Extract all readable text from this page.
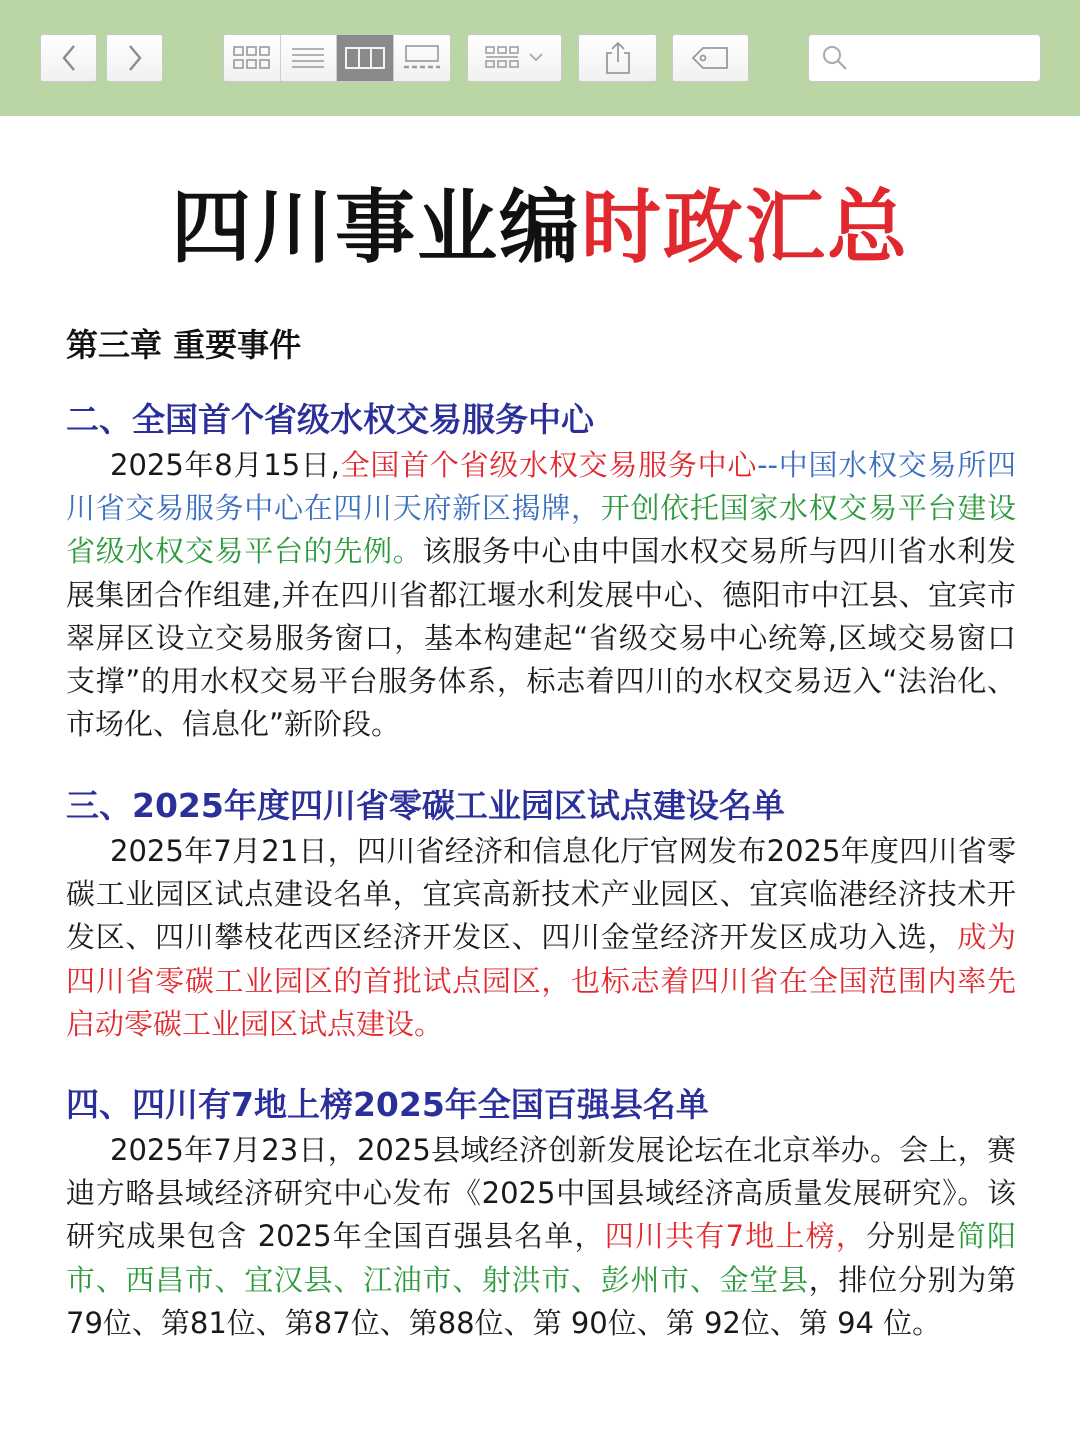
四川事业编时政汇总
第三章 重要事件
二、全国首个省级水权交易服务中心

2025年8月15日,全国首个省级水权交易服务中心--中国水权交易所四川省交易服务中心在四川天府新区揭牌，开创依托国家水权交易平台建设省级水权交易平台的先例。该服务中心由中国水权交易所与四川省水利发展集团合作组建,并在四川省都江堰水利发展中心、德阳市中江县、宜宾市翠屏区设立交易服务窗口，基本构建起“省级交易中心统筹,区域交易窗口支撑”的用水权交易平台服务体系，标志着四川的水权交易迈入“法治化、市场化、信息化”新阶段。

三、2025年度四川省零碳工业园区试点建设名单

2025年7月21日，四川省经济和信息化厅官网发布2025年度四川省零碳工业园区试点建设名单，宜宾高新技术产业园区、宜宾临港经济技术开发区、四川攀枝花西区经济开发区、四川金堂经济开发区成功入选，成为四川省零碳工业园区的首批试点园区，也标志着四川省在全国范围内率先启动零碳工业园区试点建设。

四、四川有7地上榜2025年全国百强县名单

2025年7月23日，2025县域经济创新发展论坛在北京举办。会上，赛迪方略县域经济研究中心发布《2025中国县域经济高质量发展研究》。该研究成果包含 2025年全国百强县名单，四川共有7地上榜，分别是简阳市、西昌市、宜汉县、江油市、射洪市、彭州市、金堂县，排位分别为第79位、第81位、第87位、第88位、第 90位、第 92位、第 94 位。
